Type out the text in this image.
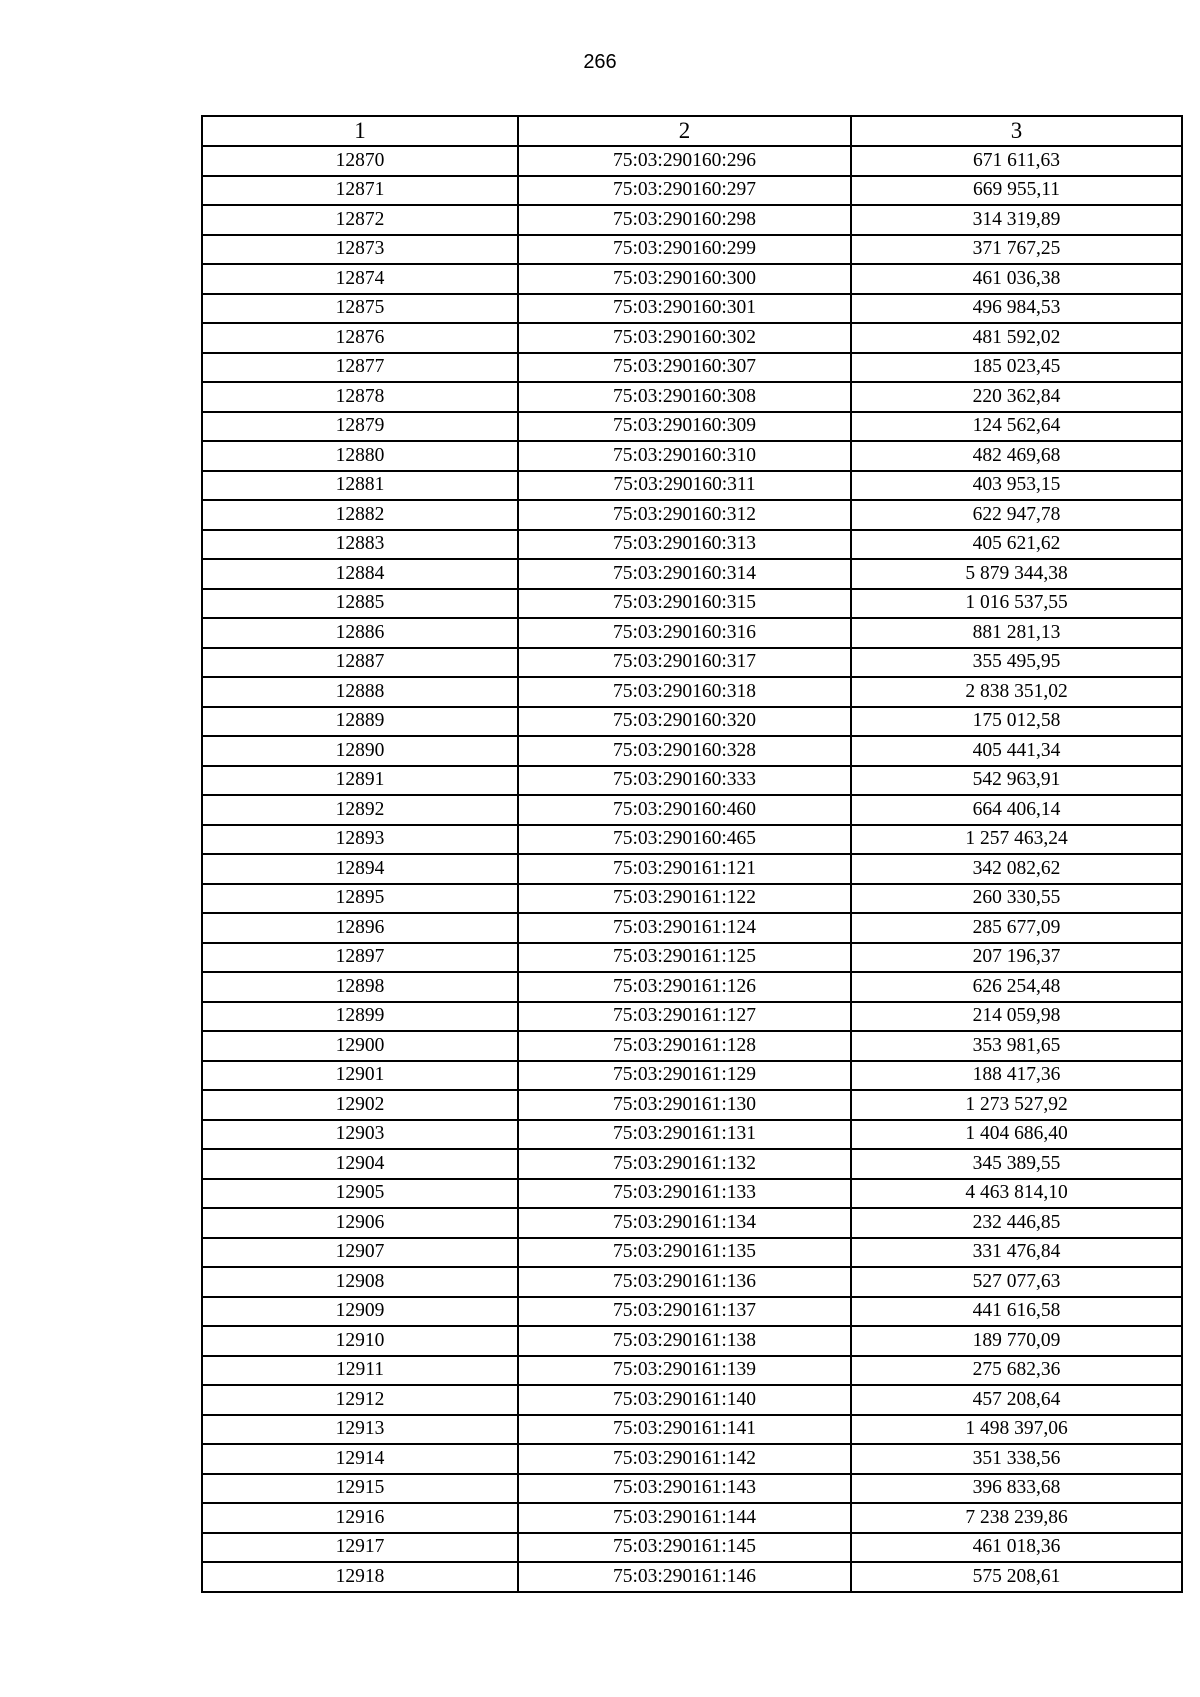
266
1	2	3
12870	75:03:290160:296	671 611,63
12871	75:03:290160:297	669 955,11
12872	75:03:290160:298	314 319,89
12873	75:03:290160:299	371 767,25
12874	75:03:290160:300	461 036,38
12875	75:03:290160:301	496 984,53
12876	75:03:290160:302	481 592,02
12877	75:03:290160:307	185 023,45
12878	75:03:290160:308	220 362,84
12879	75:03:290160:309	124 562,64
12880	75:03:290160:310	482 469,68
12881	75:03:290160:311	403 953,15
12882	75:03:290160:312	622 947,78
12883	75:03:290160:313	405 621,62
12884	75:03:290160:314	5 879 344,38
12885	75:03:290160:315	1 016 537,55
12886	75:03:290160:316	881 281,13
12887	75:03:290160:317	355 495,95
12888	75:03:290160:318	2 838 351,02
12889	75:03:290160:320	175 012,58
12890	75:03:290160:328	405 441,34
12891	75:03:290160:333	542 963,91
12892	75:03:290160:460	664 406,14
12893	75:03:290160:465	1 257 463,24
12894	75:03:290161:121	342 082,62
12895	75:03:290161:122	260 330,55
12896	75:03:290161:124	285 677,09
12897	75:03:290161:125	207 196,37
12898	75:03:290161:126	626 254,48
12899	75:03:290161:127	214 059,98
12900	75:03:290161:128	353 981,65
12901	75:03:290161:129	188 417,36
12902	75:03:290161:130	1 273 527,92
12903	75:03:290161:131	1 404 686,40
12904	75:03:290161:132	345 389,55
12905	75:03:290161:133	4 463 814,10
12906	75:03:290161:134	232 446,85
12907	75:03:290161:135	331 476,84
12908	75:03:290161:136	527 077,63
12909	75:03:290161:137	441 616,58
12910	75:03:290161:138	189 770,09
12911	75:03:290161:139	275 682,36
12912	75:03:290161:140	457 208,64
12913	75:03:290161:141	1 498 397,06
12914	75:03:290161:142	351 338,56
12915	75:03:290161:143	396 833,68
12916	75:03:290161:144	7 238 239,86
12917	75:03:290161:145	461 018,36
12918	75:03:290161:146	575 208,61
